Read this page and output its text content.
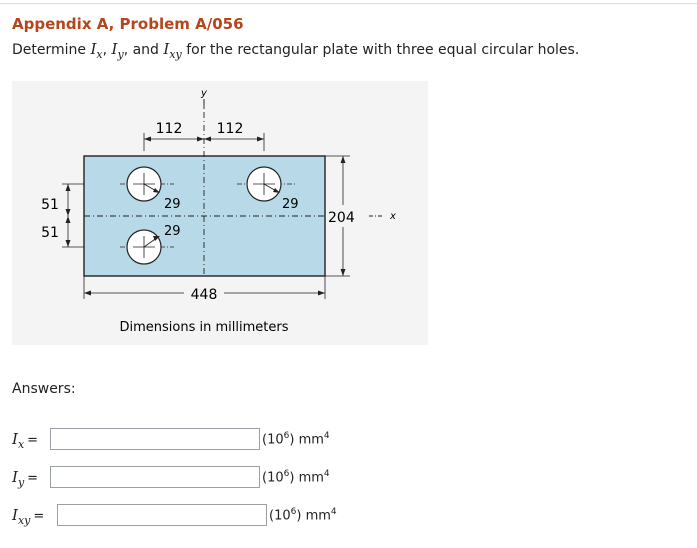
Appendix A, Problem A/056
Determine $I_x$, $I_y$, and $I_{xy}$ for the rectangular plate with three equal circular holes.
y
x
29	29
29
112 112
51
51
204
448
Dimensions in millimeters
Answers:
$I_x$ =	$(10^6)$ $mm^4$
$I_y$ =	$(10^6)$ $mm^4$
$I_{xy}$ =	$(10^6)$ $mm^4$
